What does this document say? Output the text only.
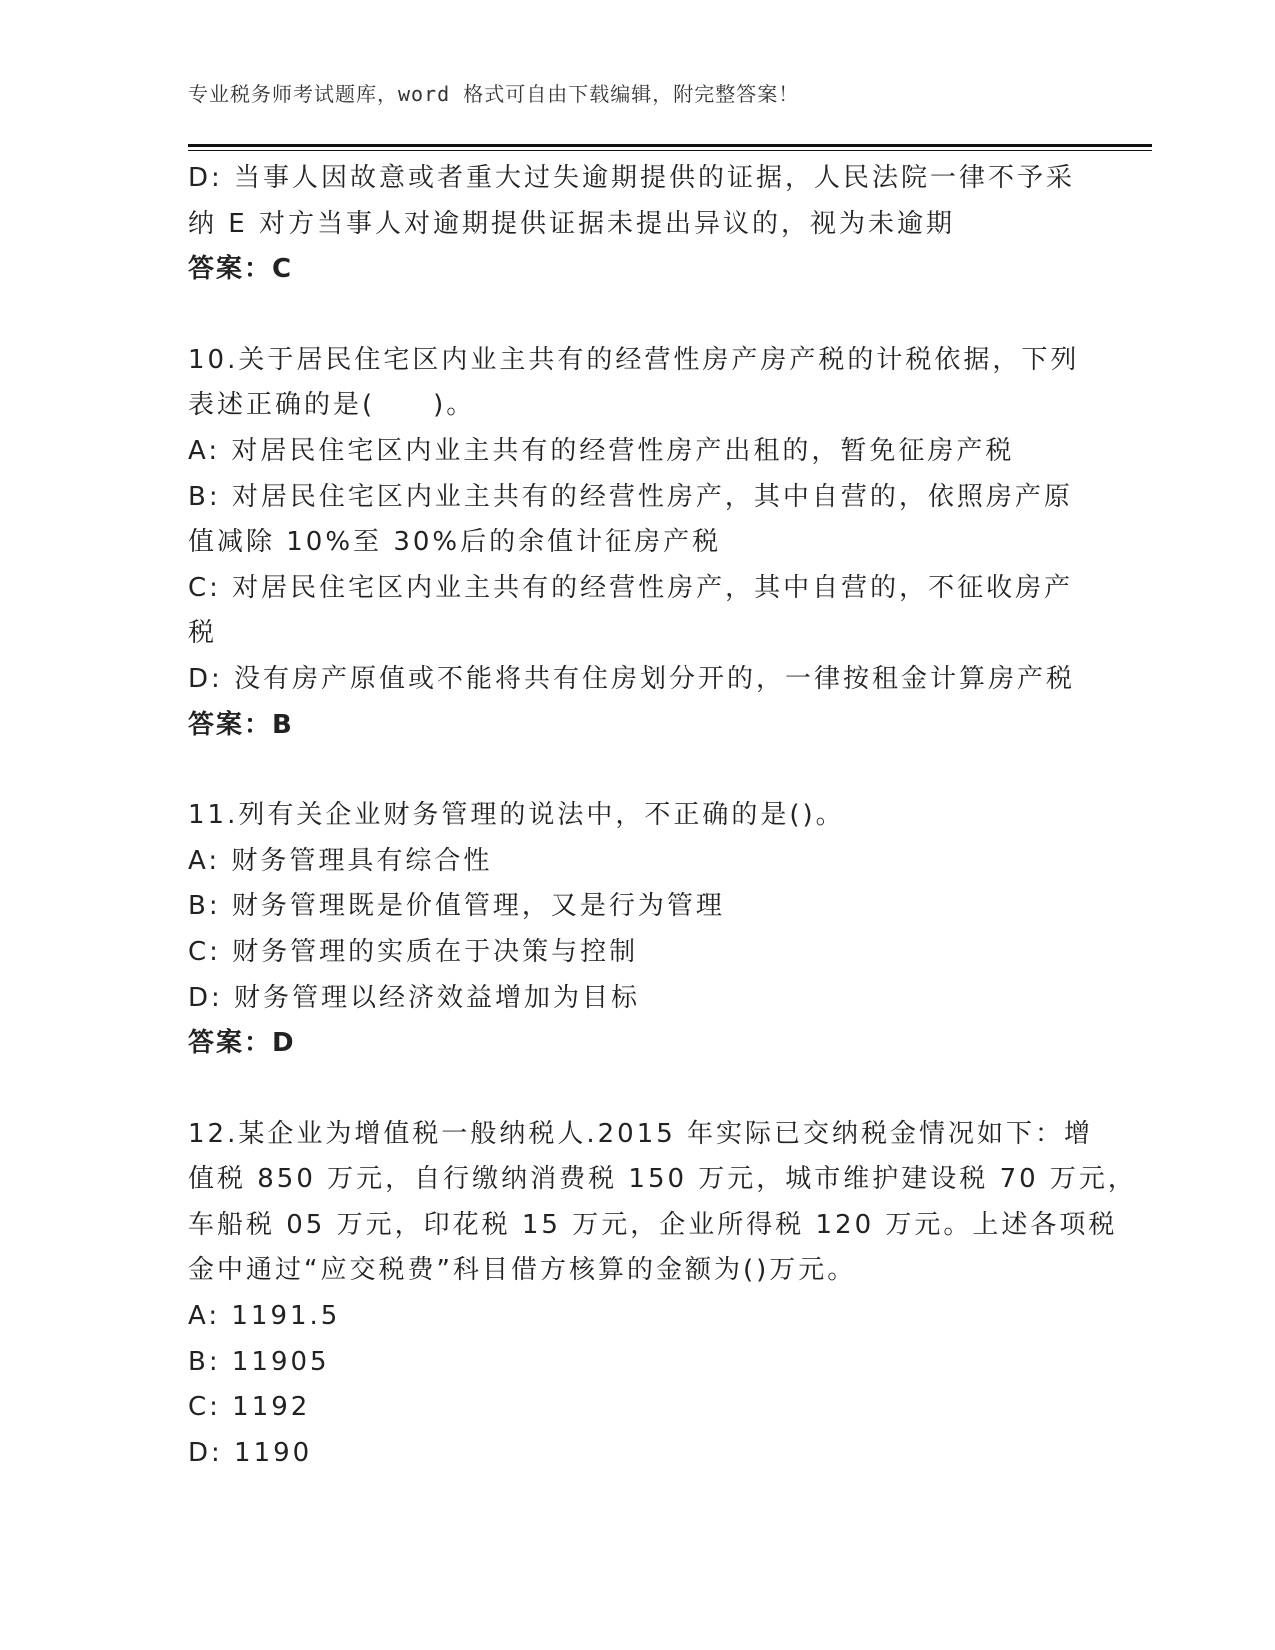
专业税务师考试题库，word 格式可自由下载编辑，附完整答案！
D: 当事人因故意或者重大过失逾期提供的证据，人民法院一律不予采
纳 E 对方当事人对逾期提供证据未提出异议的，视为未逾期
答案：C
10.关于居民住宅区内业主共有的经营性房产房产税的计税依据，下列
表述正确的是(　　)。
A: 对居民住宅区内业主共有的经营性房产出租的，暂免征房产税
B: 对居民住宅区内业主共有的经营性房产，其中自营的，依照房产原
值减除 10%至 30%后的余值计征房产税
C: 对居民住宅区内业主共有的经营性房产，其中自营的，不征收房产
税
D: 没有房产原值或不能将共有住房划分开的，一律按租金计算房产税
答案：B
11.列有关企业财务管理的说法中，不正确的是()。
A: 财务管理具有综合性
B: 财务管理既是价值管理，又是行为管理
C: 财务管理的实质在于决策与控制
D: 财务管理以经济效益增加为目标
答案：D
12.某企业为增值税一般纳税人.2015 年实际已交纳税金情况如下：增
值税 850 万元，自行缴纳消费税 150 万元，城市维护建设税 70 万元，
车船税 05 万元，印花税 15 万元，企业所得税 120 万元。上述各项税
金中通过“应交税费”科目借方核算的金额为()万元。
A: 1191.5
B: 11905
C: 1192
D: 1190
